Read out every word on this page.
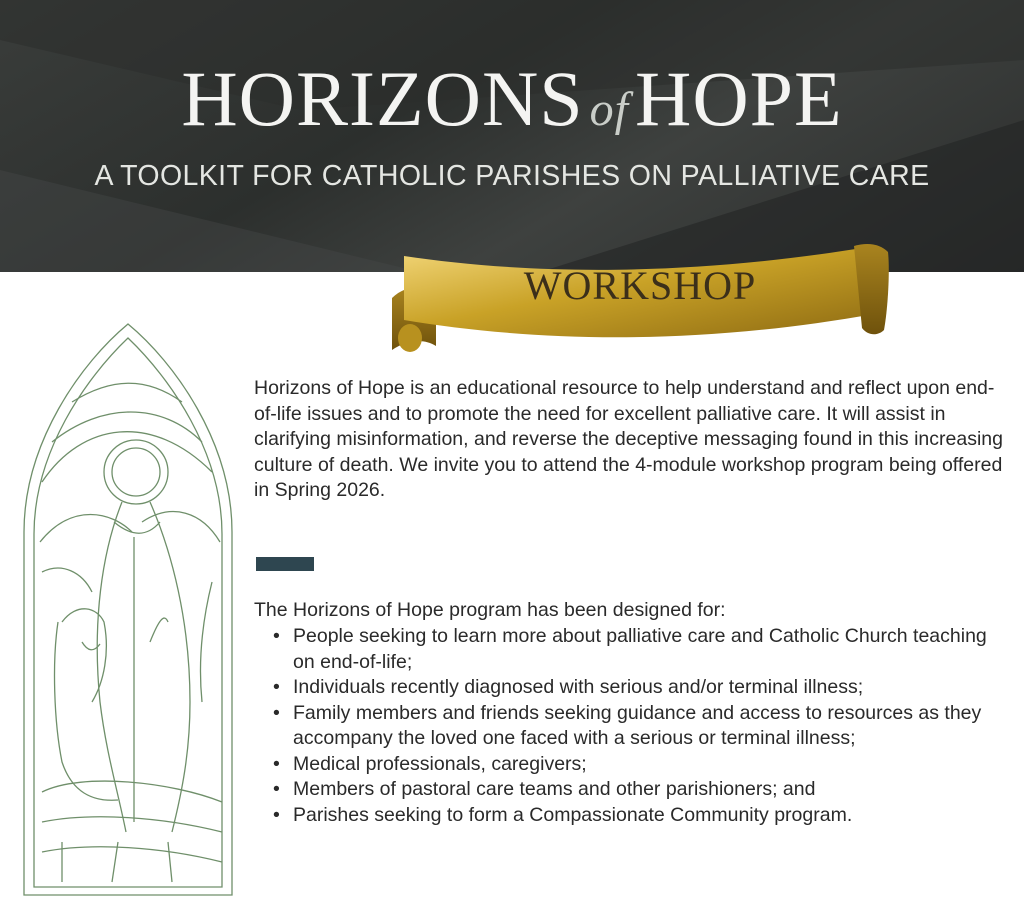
HORIZONS ofHOPE
A TOOLKIT FOR CATHOLIC PARISHES ON PALLIATIVE CARE
WORKSHOP
Horizons of Hope is an educational resource to help understand and reflect upon end-of-life issues and to promote the need for excellent palliative care. It will assist in clarifying misinformation, and reverse the deceptive messaging found in this increasing culture of death. We invite you to attend the 4-module workshop program being offered in Spring 2026.
The Horizons of Hope program has been designed for:
• People seeking to learn more about palliative care and Catholic Church teaching on end-of-life;
• Individuals recently diagnosed with serious and/or terminal illness;
• Family members and friends seeking guidance and access to resources as they accompany the loved one faced with a serious or terminal illness;
• Medical professionals, caregivers;
• Members of pastoral care teams and other parishioners; and
• Parishes seeking to form a Compassionate Community program.
